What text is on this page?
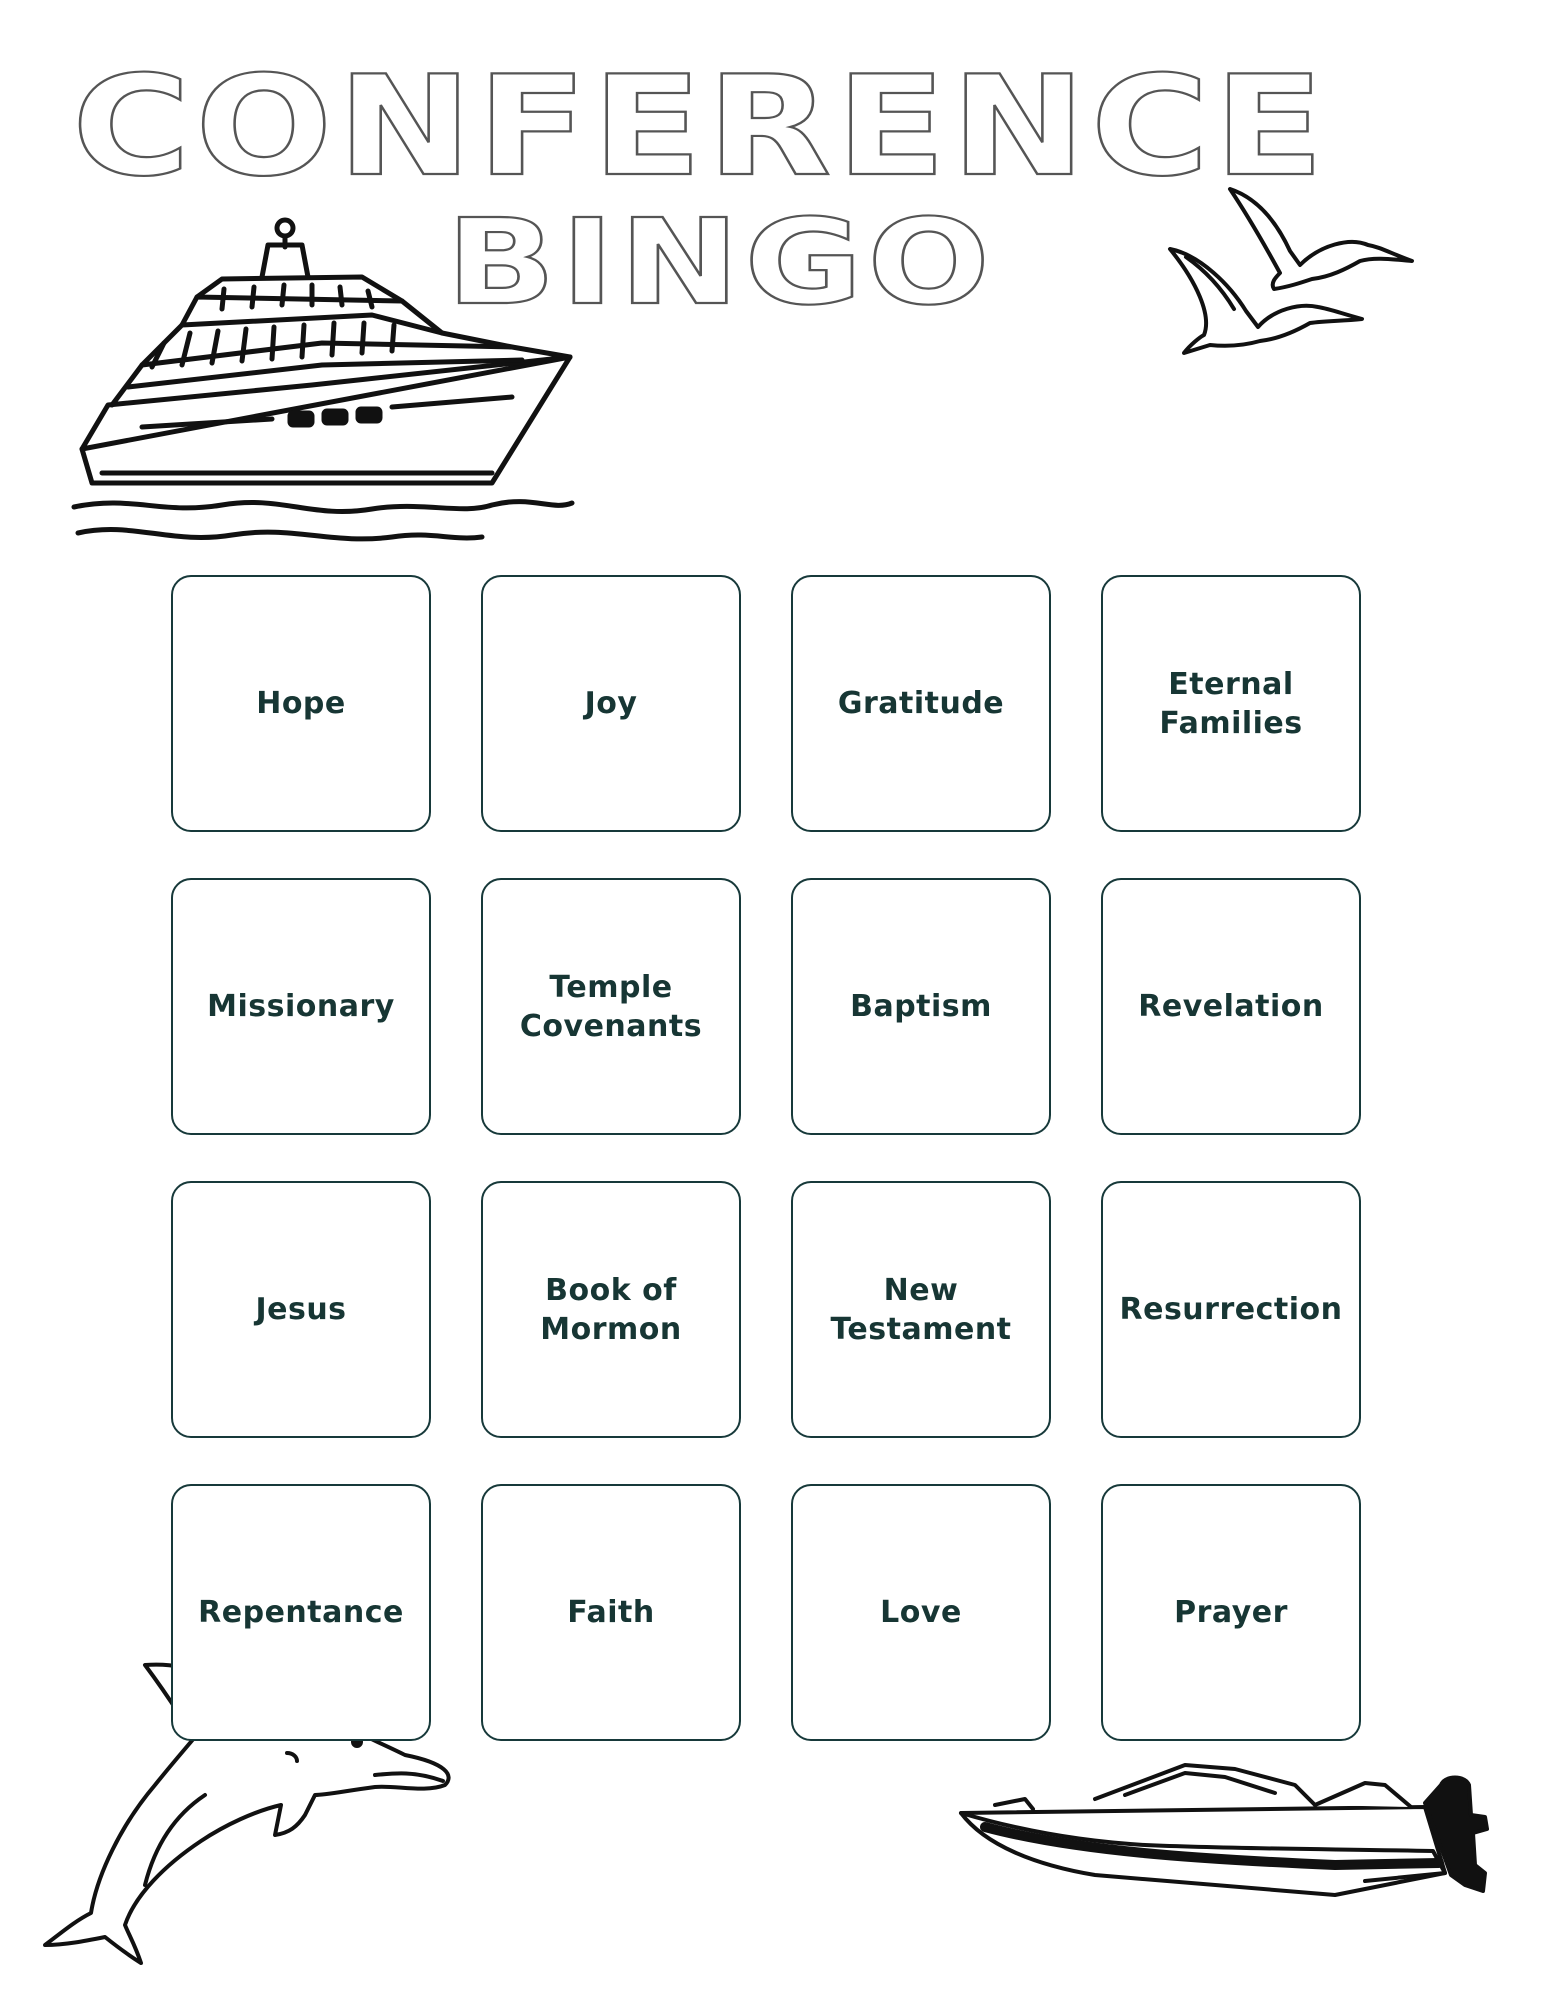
CONFERENCE
BINGO
Hope	Joy	Gratitude
Eternal
Families
Missionary
Temple
Covenants
Baptism	Revelation
Jesus
Book of
Mormon
New
Testament
Resurrection
Repentance	Faith	Love	Prayer
